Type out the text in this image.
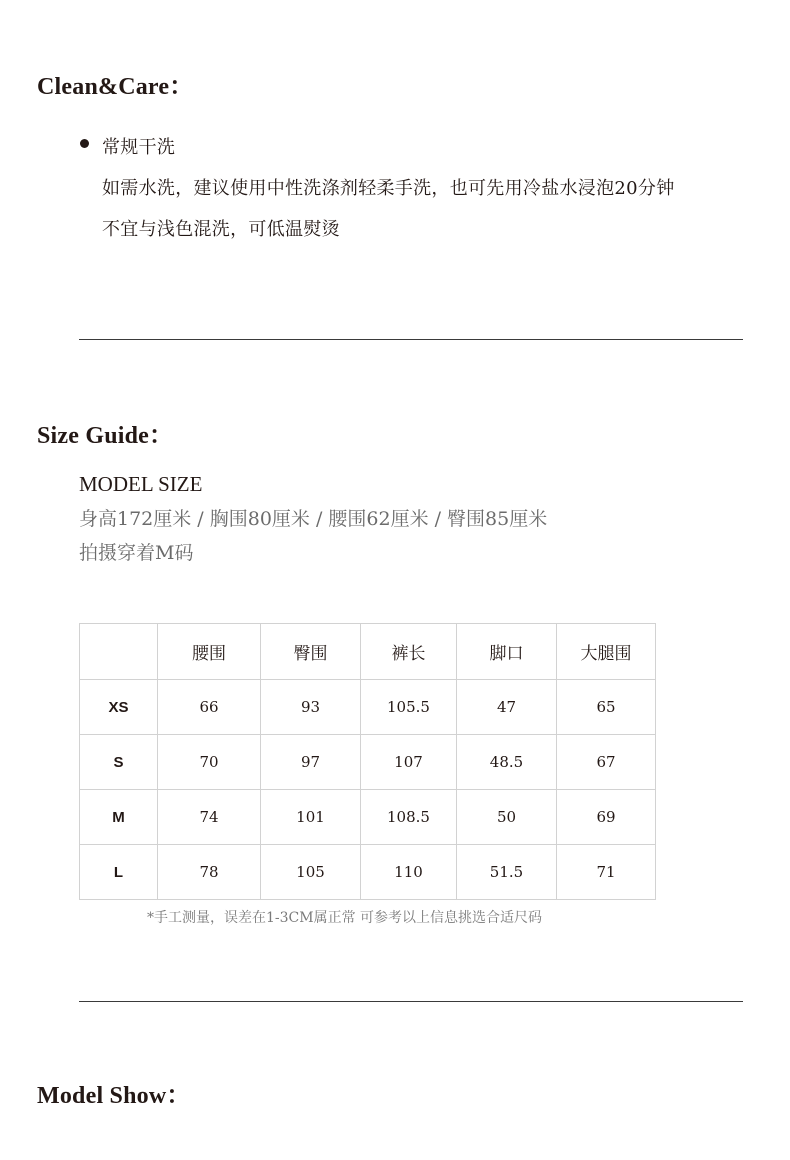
Clean&Care：
常规干洗
如需水洗，建议使用中性洗涤剂轻柔手洗，也可先用冷盐水浸泡20分钟
不宜与浅色混洗，可低温熨烫
Size Guide：
MODEL SIZE
身高172厘米 / 胸围80厘米 / 腰围62厘米 / 臀围85厘米
拍摄穿着M码
	腰围	臀围	裤长	脚口	大腿围
XS	66	93	105.5	47	65
S	70	97	107	48.5	67
M	74	101	108.5	50	69
L	78	105	110	51.5	71
*手工测量，误差在1-3CM属正常 可参考以上信息挑选合适尺码
Model Show：
